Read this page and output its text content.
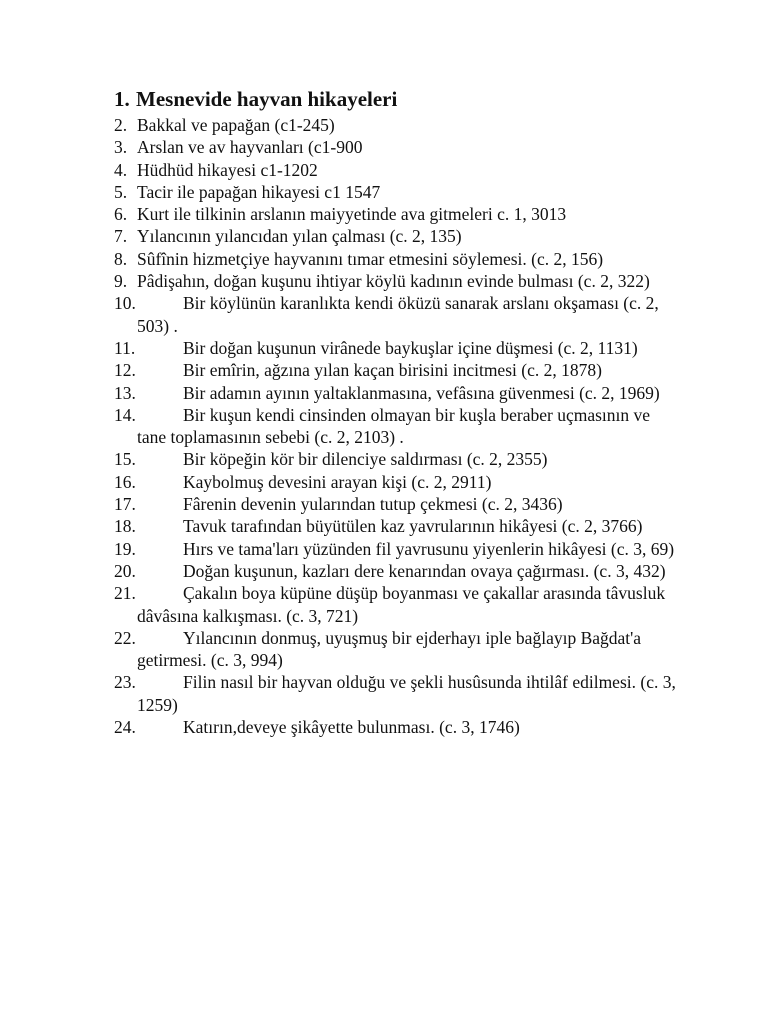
1. Mesnevide hayvan hikayeleri
2. Bakkal ve papağan (c1-245)
3. Arslan ve av hayvanları (c1-900
4. Hüdhüd hikayesi c1-1202
5. Tacir ile papağan hikayesi c1 1547
6. Kurt ile tilkinin arslanın maiyyetinde ava gitmeleri c. 1, 3013
7. Yılancının yılancıdan yılan çalması (c. 2, 135)
8. Sûfînin hizmetçiye hayvanını tımar etmesini söylemesi. (c. 2, 156)
9. Pâdişahın, doğan kuşunu ihtiyar köylü kadının evinde bulması (c. 2, 322)
10.	Bir köylünün karanlıkta kendi öküzü sanarak arslanı okşaması (c. 2, 503) .
11.	Bir doğan kuşunun virânede baykuşlar içine düşmesi (c. 2, 1131)
12.	Bir emîrin, ağzına yılan kaçan birisini incitmesi (c. 2, 1878)
13.	Bir adamın ayının yaltaklanmasına, vefâsına güvenmesi (c. 2, 1969)
14.	Bir kuşun kendi cinsinden olmayan bir kuşla beraber uçmasının ve tane toplamasının sebebi (c. 2, 2103) .
15.	Bir köpeğin kör bir dilenciye saldırması (c. 2, 2355)
16.	Kaybolmuş devesini arayan kişi (c. 2, 2911)
17.	Fârenin devenin yularından tutup çekmesi (c. 2, 3436)
18.	Tavuk tarafından büyütülen kaz yavrularının hikâyesi (c. 2, 3766)
19.	Hırs ve tama'ları yüzünden fil yavrusunu yiyenlerin hikâyesi (c. 3, 69)
20.	Doğan kuşunun, kazları dere kenarından ovaya çağırması. (c. 3, 432)
21.	Çakalın boya küpüne düşüp boyanması ve çakallar arasında tâvusluk dâvâsına kalkışması. (c. 3, 721)
22.	Yılancının donmuş, uyuşmuş bir ejderhayı iple bağlayıp Bağdat'a getirmesi. (c. 3, 994)
23.	Filin nasıl bir hayvan olduğu ve şekli husûsunda ihtilâf edilmesi. (c. 3, 1259)
24.	Katırın,deveye şikâyette bulunması. (c. 3, 1746)
